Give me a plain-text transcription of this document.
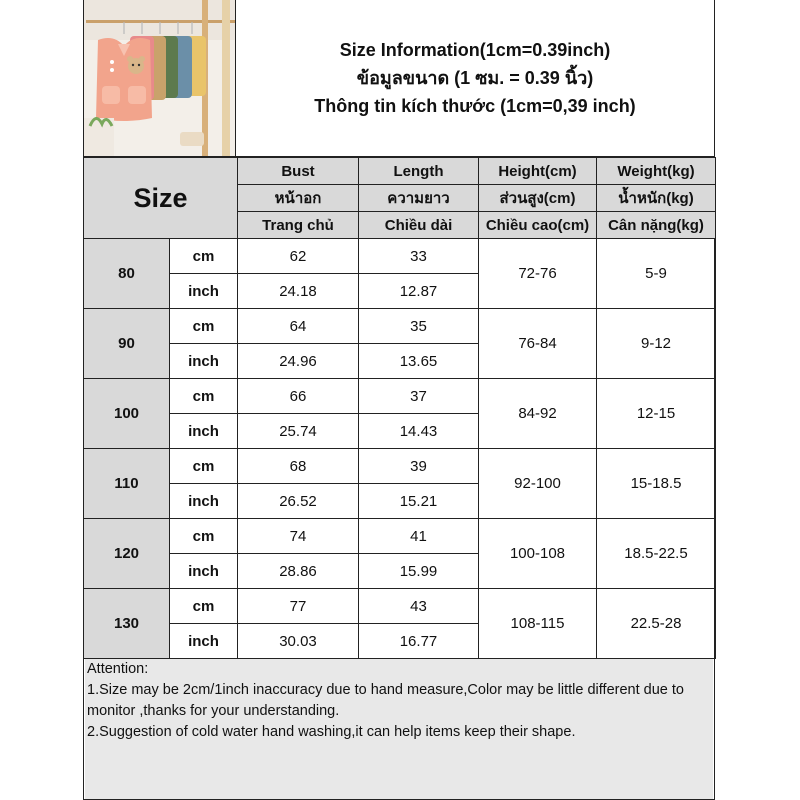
Size Information(1cm=0.39inch)
ข้อมูลขนาด (1 ซม. = 0.39 นิ้ว)
Thông tin kích thước (1cm=0,39 inch)
Size		Bust	Length	Height(cm)	Weight(kg)
		หน้าอก	ความยาว	ส่วนสูง(cm)	น้ำหนัก(kg)
		Trang chủ	Chiều dài	Chiều cao(cm)	Cân nặng(kg)
80	cm	62	33	72-76	5-9
	inch	24.18	12.87		
90	cm	64	35	76-84	9-12
	inch	24.96	13.65		
100	cm	66	37	84-92	12-15
	inch	25.74	14.43		
110	cm	68	39	92-100	15-18.5
	inch	26.52	15.21		
120	cm	74	41	100-108	18.5-22.5
	inch	28.86	15.99		
130	cm	77	43	108-115	22.5-28
	inch	30.03	16.77		
Attention:
1.Size may be 2cm/1inch inaccuracy due to hand measure,Color may be little different due to monitor ,thanks for your understanding.
2.Suggestion of cold water hand washing,it can help items keep their shape.
